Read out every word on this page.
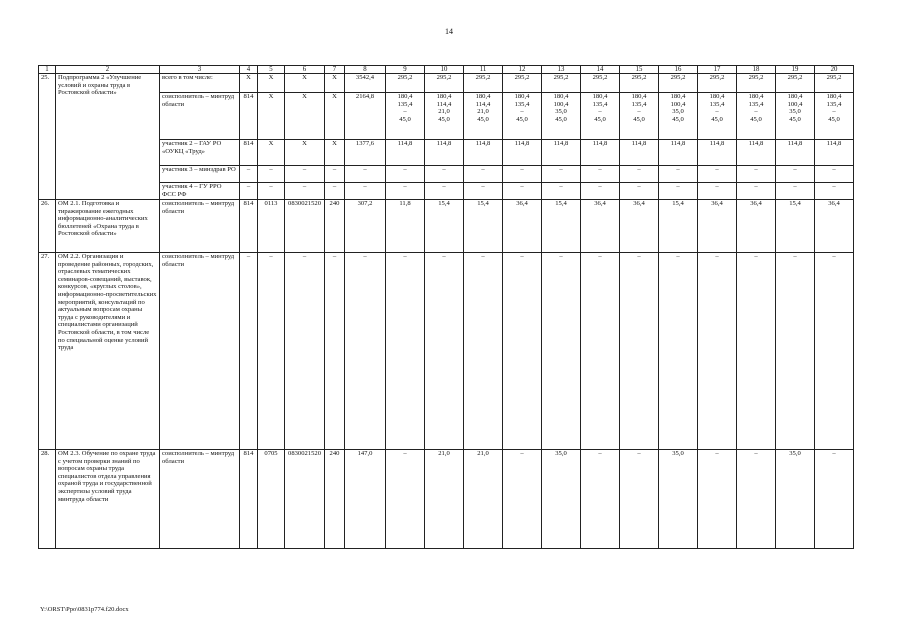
14
1	2	3	4	5	6	7	8	9	10	11	12	13	14	15	16	17	18	19	20
25.	Подпрограмма 2 «Улучшение условий и охраны труда в Ростовской области»	всего в том числе:	X	X	X	X	3542,4	295,2	295,2	295,2	295,2	295,2	295,2	295,2	295,2	295,2	295,2	295,2	295,2

		соисполнитель – минтруд области	814	X	X	X	2164,8	180,4
135,4
–
45,0	180,4
114,4
21,0
45,0	180,4
114,4
21,0
45,0	180,4
135,4
–
45,0	180,4
100,4
35,0
45,0	180,4
135,4
–
45,0	180,4
135,4
–
45,0	180,4
100,4
35,0
45,0	180,4
135,4
–
45,0	180,4
135,4
–
45,0	180,4
100,4
35,0
45,0	180,4
135,4
–
45,0

		участник 2 – ГАУ РО «ОУКЦ «Труд»	814	X	X	X	1377,6	114,8	114,8	114,8	114,8	114,8	114,8	114,8	114,8	114,8	114,8	114,8	114,8

		участник 3 – минздрав РО	–	–	–	–	–	–	–	–	–	–	–	–	–	–	–	–	–

		участник 4 – ГУ РРО ФСС РФ	–	–	–	–	–	–	–	–	–	–	–	–	–	–	–	–	–

26.	ОМ 2.1. Подготовка и тиражирование ежегодных информационно-аналитических бюллетеней «Охрана труда в Ростовской области»	соисполнитель – минтруд области	814	0113	0830021520	240	307,2	11,8	15,4	15,4	36,4	15,4	36,4	36,4	15,4	36,4	36,4	15,4	36,4

27.	ОМ 2.2. Организация и проведение районных, городских, отраслевых тематических семинаров-совещаний, выставок, конкурсов, «круглых столов», информационно-просветительских мероприятий, консультаций по актуальным вопросам охраны труда с руководителями и специалистами организаций Ростовской области, в том числе по специальной оценке условий труда	соисполнитель – минтруд области	–	–	–	–	–	–	–	–	–	–	–	–	–	–	–	–	–

28.	ОМ 2.3. Обучение по охране труда с учетом проверки знаний по вопросам охраны труда специалистов отдела управления охраной труда и государственной экспертизы условий труда минтруда области	соисполнитель – минтруд области	814	0705	0830021520	240	147,0	–	21,0	21,0	–	35,0	–	–	35,0	–	–	35,0	–
Y:\ORST\Ppo\0831p774.f20.docx
